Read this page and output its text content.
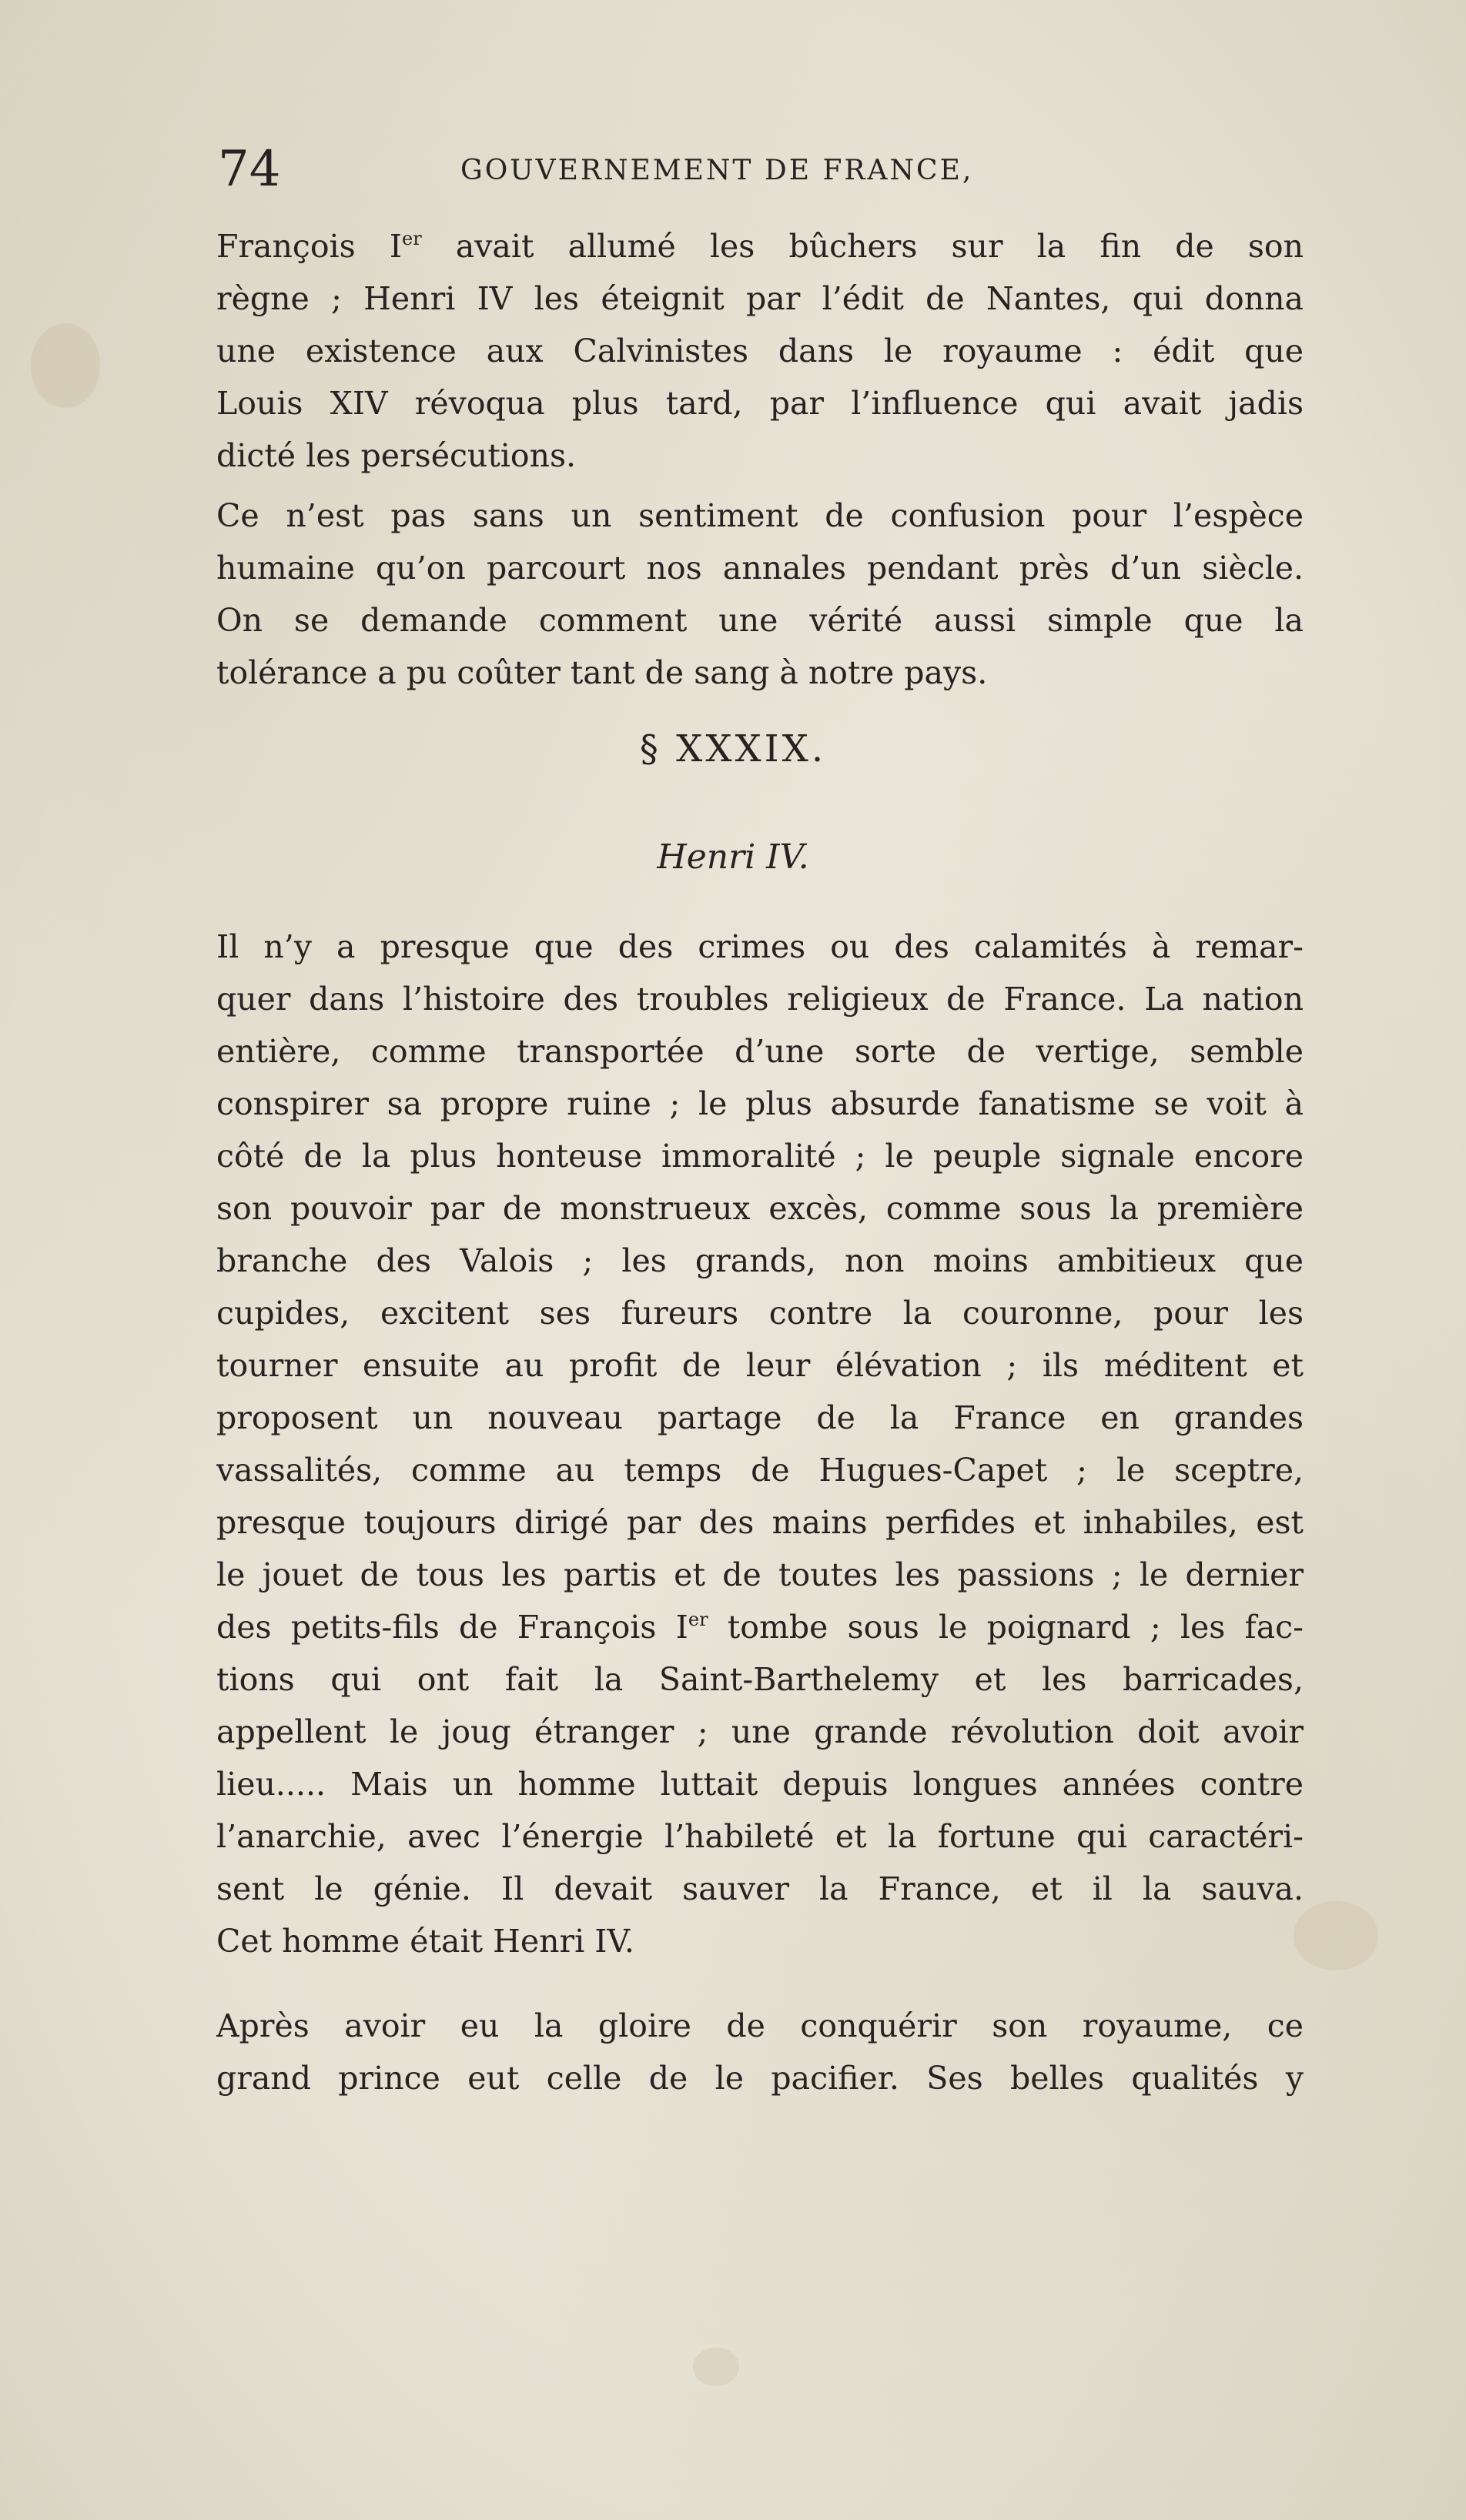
74	GOUVERNEMENT DE FRANCE,
François Ier avait allumé les bûchers sur la fin de son
règne ; Henri IV les éteignit par l’édit de Nantes, qui donna
une existence aux Calvinistes dans le royaume : édit que
Louis XIV révoqua plus tard, par l’influence qui avait jadis
dicté les persécutions.
Ce n’est pas sans un sentiment de confusion pour l’espèce
humaine qu’on parcourt nos annales pendant près d’un siècle.
On se demande comment une vérité aussi simple que la
tolérance a pu coûter tant de sang à notre pays.
§ XXXIX.
Henri IV.
Il n’y a presque que des crimes ou des calamités à remar-
quer dans l’histoire des troubles religieux de France. La nation
entière, comme transportée d’une sorte de vertige, semble
conspirer sa propre ruine ; le plus absurde fanatisme se voit à
côté de la plus honteuse immoralité ; le peuple signale encore
son pouvoir par de monstrueux excès, comme sous la première
branche des Valois ; les grands, non moins ambitieux que
cupides, excitent ses fureurs contre la couronne, pour les
tourner ensuite au profit de leur élévation ; ils méditent et
proposent un nouveau partage de la France en grandes
vassalités, comme au temps de Hugues-Capet ; le sceptre,
presque toujours dirigé par des mains perfides et inhabiles, est
le jouet de tous les partis et de toutes les passions ; le dernier
des petits-fils de François Ier tombe sous le poignard ; les fac-
tions qui ont fait la Saint-Barthelemy et les barricades,
appellent le joug étranger ; une grande révolution doit avoir
lieu..... Mais un homme luttait depuis longues années contre
l’anarchie, avec l’énergie l’habileté et la fortune qui caractéri-
sent le génie. Il devait sauver la France, et il la sauva.
Cet homme était Henri IV.
Après avoir eu la gloire de conquérir son royaume, ce
grand prince eut celle de le pacifier. Ses belles qualités y
